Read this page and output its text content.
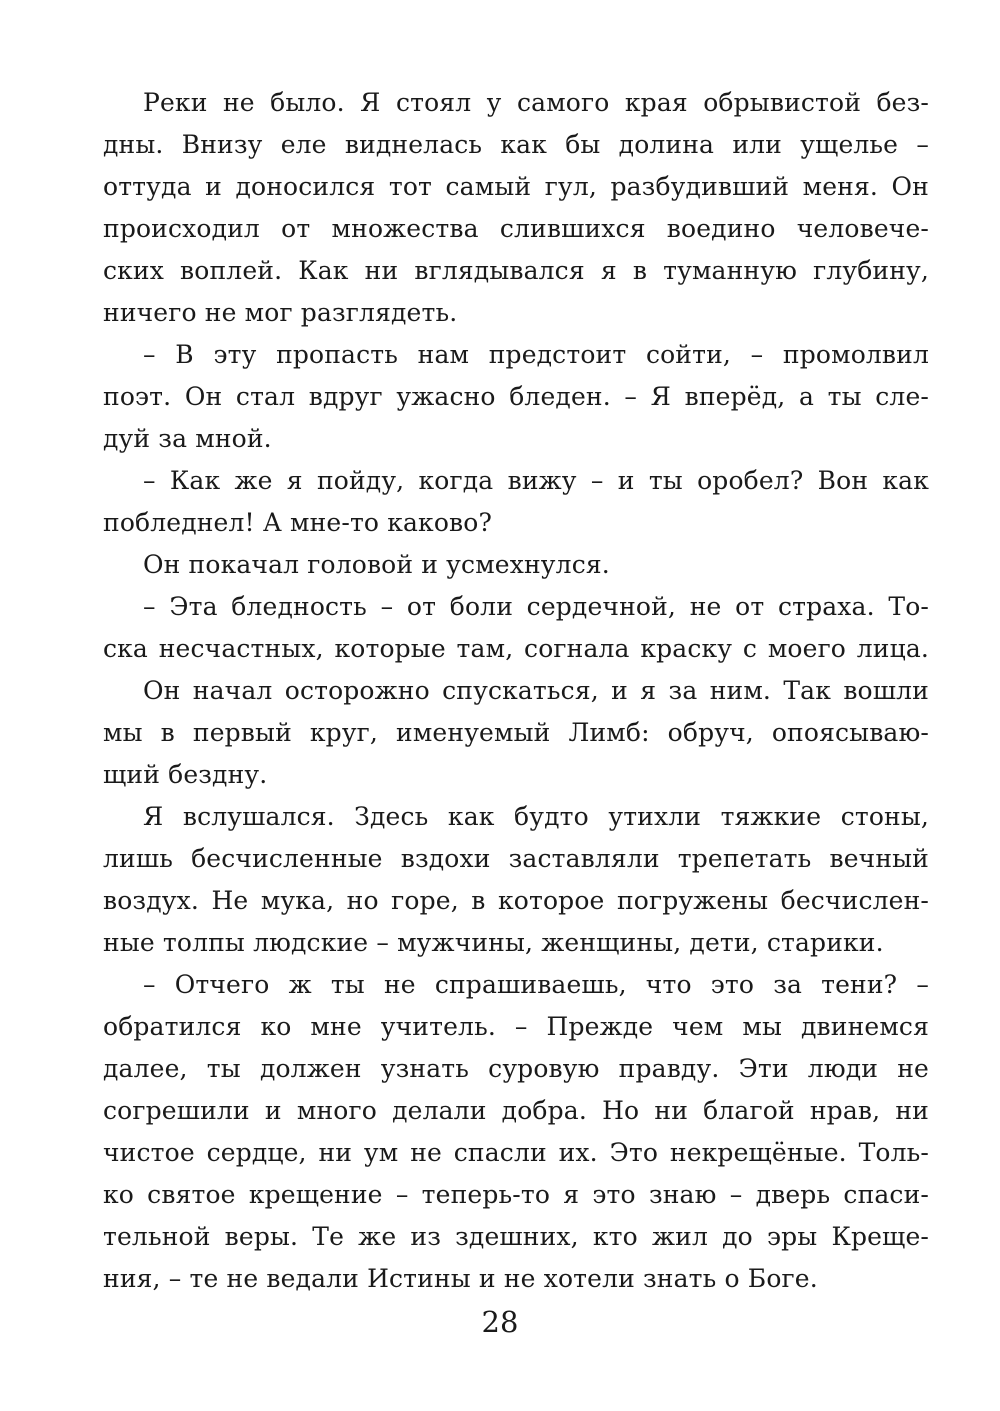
Реки не было. Я стоял у самого края обрывистой без-
дны. Внизу еле виднелась как бы долина или ущелье –
оттуда и доносился тот самый гул, разбудивший меня. Он
происходил от множества слившихся воедино человече-
ских воплей. Как ни вглядывался я в туманную глубину,
ничего не мог разглядеть.
– В эту пропасть нам предстоит сойти, – промолвил
поэт. Он стал вдруг ужасно бледен. – Я вперёд, а ты сле-
дуй за мной.
– Как же я пойду, когда вижу – и ты оробел? Вон как
побледнел! А мне-то каково?
Он покачал головой и усмехнулся.
– Эта бледность – от боли сердечной, не от страха. То-
ска несчастных, которые там, согнала краску с моего лица.
Он начал осторожно спускаться, и я за ним. Так вошли
мы в первый круг, именуемый Лимб: обруч, опоясываю-
щий бездну.
Я вслушался. Здесь как будто утихли тяжкие стоны,
лишь бесчисленные вздохи заставляли трепетать вечный
воздух. Не мука, но горе, в которое погружены бесчислен-
ные толпы людские – мужчины, женщины, дети, старики.
– Отчего ж ты не спрашиваешь, что это за тени? –
обратился ко мне учитель. – Прежде чем мы двинемся
далее, ты должен узнать суровую правду. Эти люди не
согрешили и много делали добра. Но ни благой нрав, ни
чистое сердце, ни ум не спасли их. Это некрещёные. Толь-
ко святое крещение – теперь-то я это знаю – дверь спаси-
тельной веры. Те же из здешних, кто жил до эры Креще-
ния, – те не ведали Истины и не хотели знать о Боге.
28
